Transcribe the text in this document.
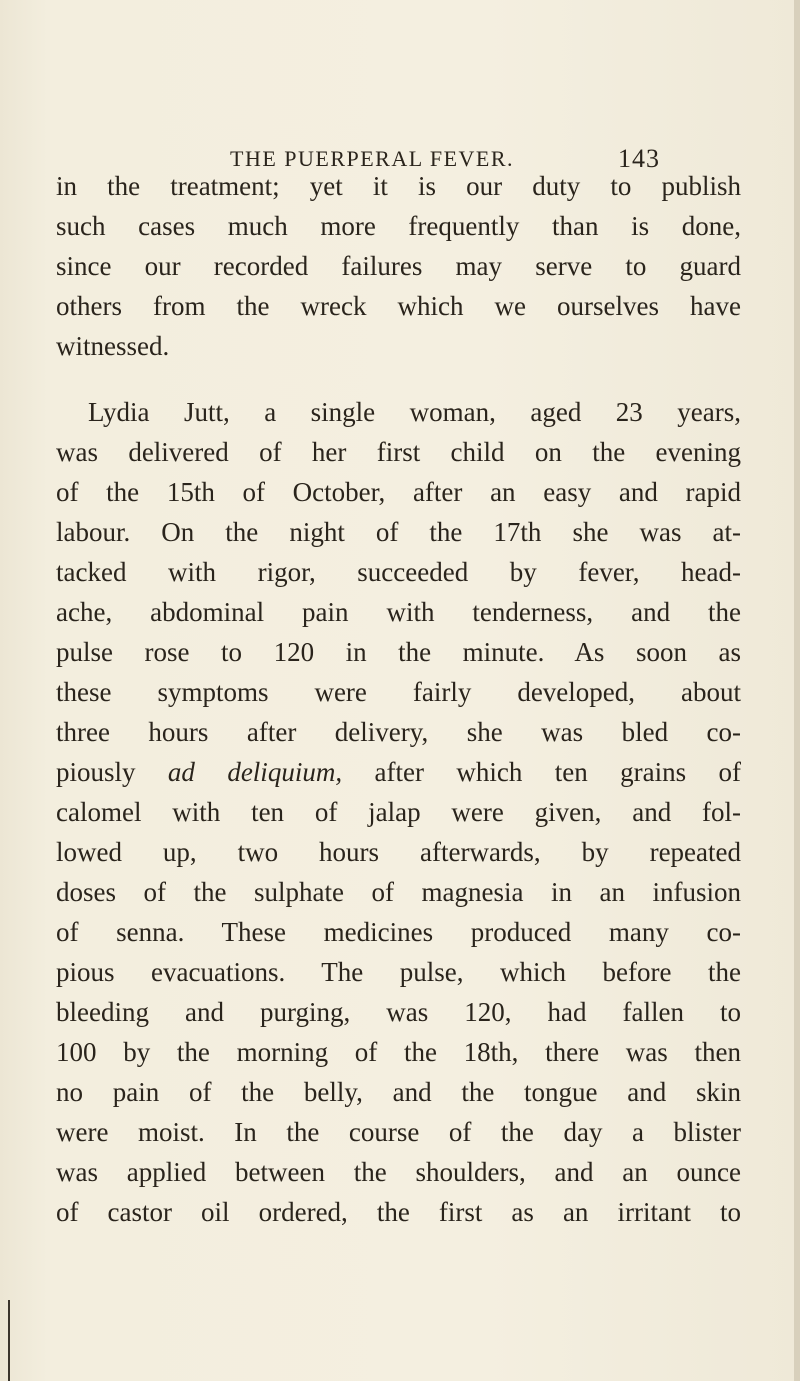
THE PUERPERAL FEVER.	143
in the treatment; yet it is our duty to publish
such cases much more frequently than is done,
since our recorded failures may serve to guard
others from the wreck which we ourselves have
witnessed.
Lydia Jutt, a single woman, aged 23 years,
was delivered of her first child on the evening
of the 15th of October, after an easy and rapid
labour. On the night of the 17th she was at-
tacked with rigor, succeeded by fever, head-
ache, abdominal pain with tenderness, and the
pulse rose to 120 in the minute. As soon as
these symptoms were fairly developed, about
three hours after delivery, she was bled co-
piously ad deliquium, after which ten grains of
calomel with ten of jalap were given, and fol-
lowed up, two hours afterwards, by repeated
doses of the sulphate of magnesia in an infusion
of senna. These medicines produced many co-
pious evacuations. The pulse, which before the
bleeding and purging, was 120, had fallen to
100 by the morning of the 18th, there was then
no pain of the belly, and the tongue and skin
were moist. In the course of the day a blister
was applied between the shoulders, and an ounce
of castor oil ordered, the first as an irritant to
